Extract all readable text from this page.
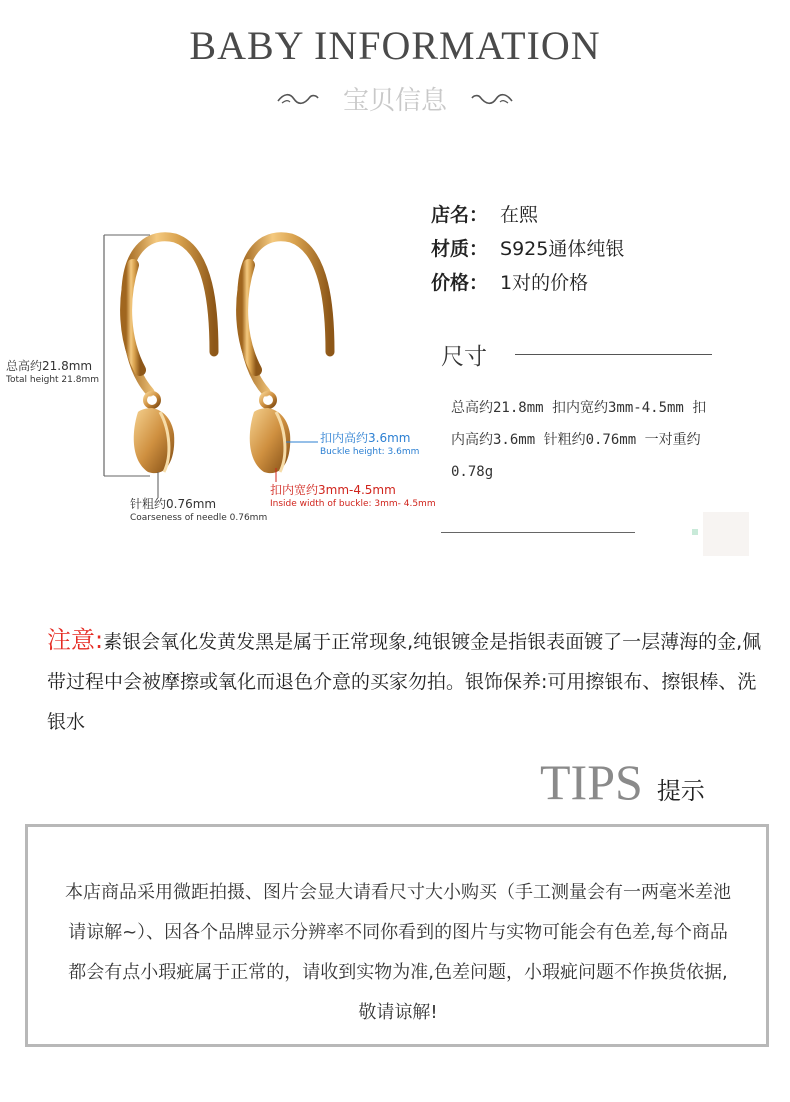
BABY INFORMATION
宝贝信息
总高约21.8mm
Total height 21.8mm
扣内高约3.6mm
Buckle height: 3.6mm
扣内宽约3mm-4.5mm
Inside width of buckle: 3mm- 4.5mm
针粗约0.76mm
Coarseness of needle 0.76mm
店名： 在熙
材质： S925通体纯银
价格： 1对的价格
尺寸
总高约21.8mm 扣内宽约3mm-4.5mm 扣内高约3.6mm 针粗约0.76mm 一对重约0.78g
注意:素银会氧化发黄发黑是属于正常现象,纯银镀金是指银表面镀了一层薄海的金,佩带过程中会被摩擦或氧化而退色介意的买家勿拍。银饰保养:可用擦银布、擦银棒、洗银水
TIPS 提示
本店商品采用微距拍摄、图片会显大请看尺寸大小购买（手工测量会有一两毫米差池请谅解~）、因各个品牌显示分辨率不同你看到的图片与实物可能会有色差,每个商品都会有点小瑕疵属于正常的，请收到实物为准,色差问题，小瑕疵问题不作换货依据,敬请谅解!
